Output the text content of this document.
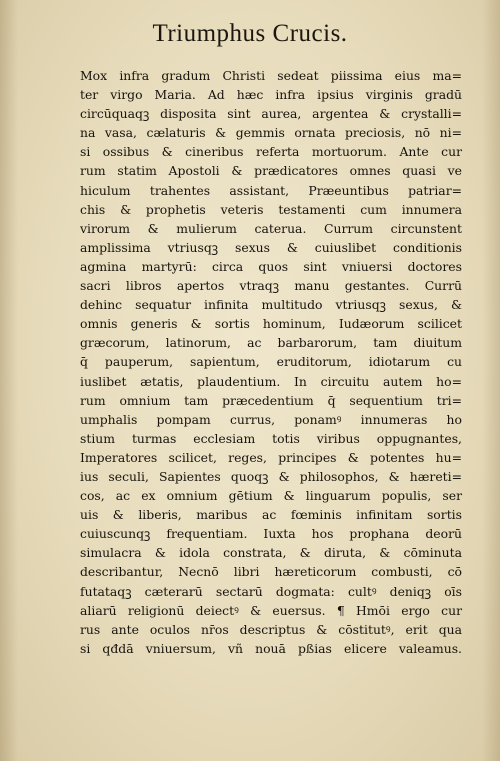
Triumphus Crucis.
Mox infra gradum Christi sedeat piissima eius ma=
ter virgo Maria. Ad hæc infra ipsius virginis gradū
circūquaqꝫ disposita sint aurea, argentea & crystalli=
na vasa, cælaturis & gemmis ornata preciosis, nō ni=
si ossibus & cineribus referta mortuorum. Ante cur
rum statim Apostoli & prædicatores omnes quasi ve
hiculum trahentes assistant, Præeuntibus patriar=
chis & prophetis veteris testamenti cum innumera
virorum & mulierum caterua. Currum circunstent
amplissima vtriusqꝫ sexus & cuiuslibet conditionis
agmina martyrū: circa quos sint vniuersi doctores
sacri libros apertos vtraqꝫ manu gestantes. Currū
dehinc sequatur infinita multitudo vtriusqꝫ sexus, &
omnis generis & sortis hominum, Iudæorum scilicet
græcorum, latinorum, ac barbarorum, tam diuitum
q̄ pauperum, sapientum, eruditorum, idiotarum cu
iuslibet ætatis, plaudentium. In circuitu autem ho=
rum omnium tam præcedentium q̄ sequentium tri=
umphalis pompam currus, ponamꝰ innumeras ho
stium turmas ecclesiam totis viribus oppugnantes,
Imperatores scilicet, reges, principes & potentes hu=
ius seculi, Sapientes quoqꝫ & philosophos, & hæreti=
cos, ac ex omnium gētium & linguarum populis, ser
uis & liberis, maribus ac fœminis infinitam sortis
cuiuscunqꝫ frequentiam. Iuxta hos prophana deorū
simulacra & idola constrata, & diruta, & cōminuta
describantur, Necnō libri hæreticorum combusti, cō
futataqꝫ cæterarū sectarū dogmata: cultꝰ deniqꝫ oīs
aliarū religionū deiectꝰ & euersus. ¶ Hmōi ergo cur
rus ante oculos nr̄os descriptus & cōstitutꝰ, erit qua
si qđdā vniuersum, vñ nouā pßias elicere valeamus.
